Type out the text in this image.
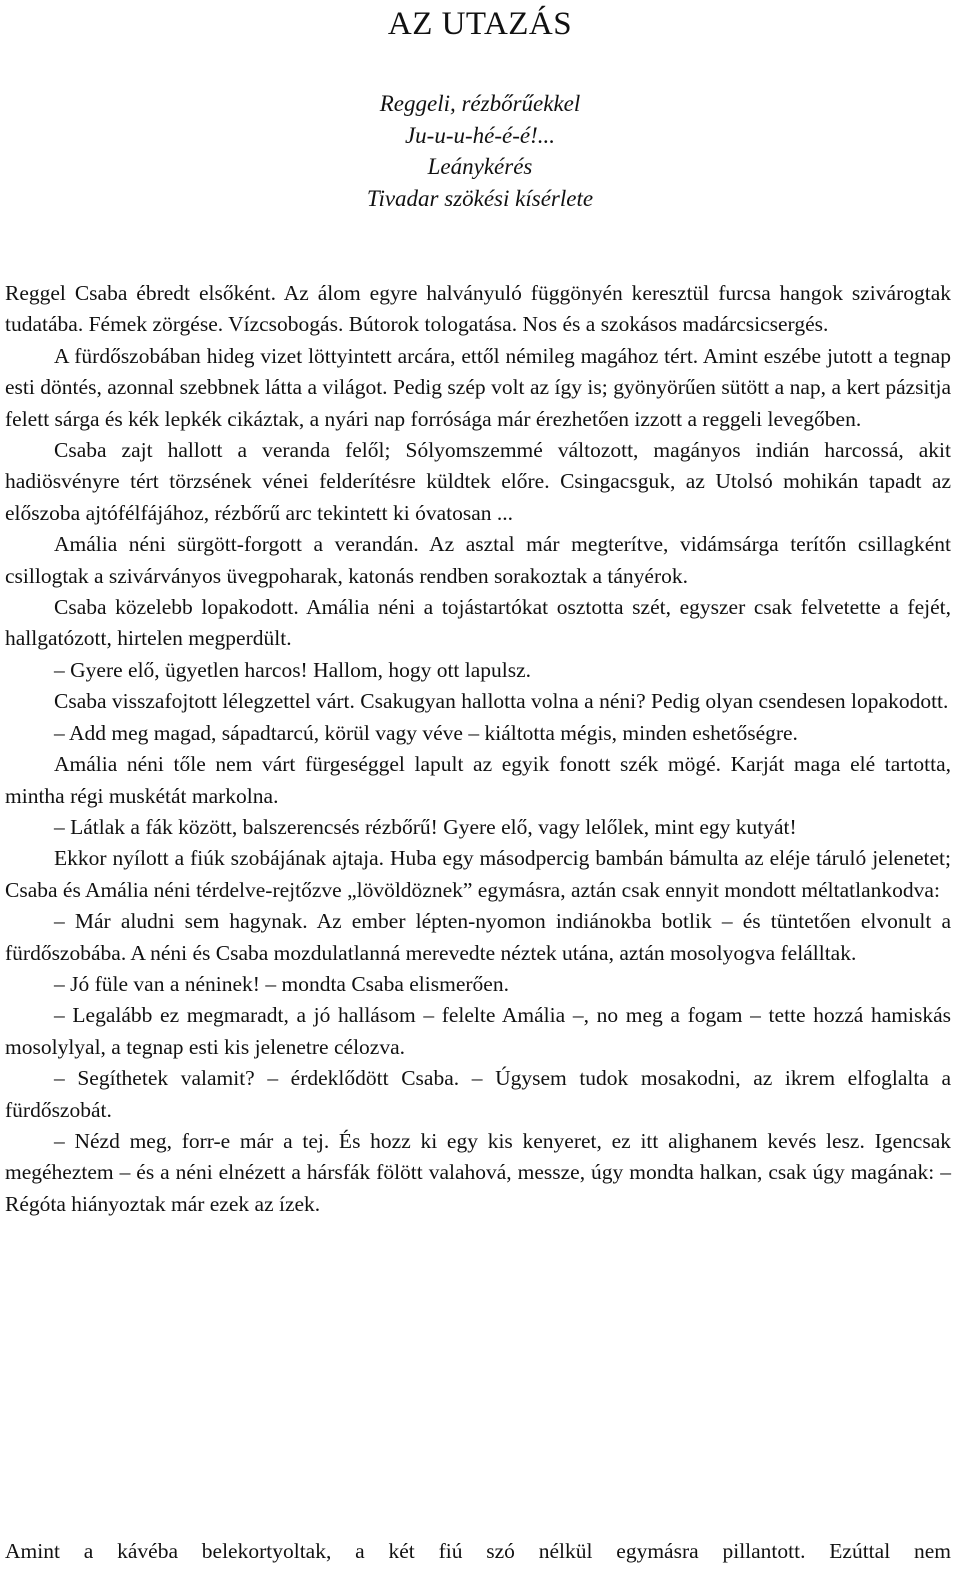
AZ UTAZÁS
Reggeli, rézbőrűekkel
Ju-u-u-hé-é-é!...
Leánykérés
Tivadar szökési kísérlete

Reggel Csaba ébredt elsőként. Az álom egyre halványuló függönyén keresztül furcsa hangok szivárogtak tudatába. Fémek zörgése. Vízcsobogás. Bútorok tologatása. Nos és a szokásos madárcsicsergés.

A fürdőszobában hideg vizet löttyintett arcára, ettől némileg magához tért. Amint eszébe jutott a tegnap esti döntés, azonnal szebbnek látta a világot. Pedig szép volt az így is; gyönyörűen sütött a nap, a kert pázsitja felett sárga és kék lepkék cikáztak, a nyári nap forrósága már érezhetően izzott a reggeli levegőben.

Csaba zajt hallott a veranda felől; Sólyomszemmé változott, magányos indián harcossá, akit hadiösvényre tért törzsének vénei felderítésre küldtek előre. Csingacsguk, az Utolsó mohikán tapadt az előszoba ajtófélfájához, rézbőrű arc tekintett ki óvatosan ...

Amália néni sürgött-forgott a verandán. Az asztal már megterítve, vidámsárga terítőn csillagként csillogtak a szivárványos üvegpoharak, katonás rendben sorakoztak a tányérok.

Csaba közelebb lopakodott. Amália néni a tojástartókat osztotta szét, egyszer csak felvetette a fejét, hallgatózott, hirtelen megperdült.

– Gyere elő, ügyetlen harcos! Hallom, hogy ott lapulsz.

Csaba visszafojtott lélegzettel várt. Csakugyan hallotta volna a néni? Pedig olyan csendesen lopakodott.

– Add meg magad, sápadtarcú, körül vagy véve – kiáltotta mégis, minden eshetőségre.

Amália néni tőle nem várt fürgeséggel lapult az egyik fonott szék mögé. Karját maga elé tartotta, mintha régi muskétát markolna.

– Látlak a fák között, balszerencsés rézbőrű! Gyere elő, vagy lelőlek, mint egy kutyát!

Ekkor nyílott a fiúk szobájának ajtaja. Huba egy másodpercig bambán bámulta az eléje táruló jelenetet; Csaba és Amália néni térdelve-rejtőzve „lövöldöznek” egymásra, aztán csak ennyit mondott méltatlankodva:

– Már aludni sem hagynak. Az ember lépten-nyomon indiánokba botlik – és tüntetően elvonult a fürdőszobába. A néni és Csaba mozdulatlanná merevedte néztek utána, aztán mosolyogva felálltak.

– Jó füle van a néninek! – mondta Csaba elismerően.

– Legalább ez megmaradt, a jó hallásom – felelte Amália –, no meg a fogam – tette hozzá hamiskás mosolylyal, a tegnap esti kis jelenetre célozva.

– Segíthetek valamit? – érdeklődött Csaba. – Úgysem tudok mosakodni, az ikrem elfoglalta a fürdőszobát.

– Nézd meg, forr-e már a tej. És hozz ki egy kis kenyeret, ez itt alighanem kevés lesz. Igencsak megéheztem – és a néni elnézett a hársfák fölött valahová, messze, úgy mondta halkan, csak úgy magának: – Régóta hiányoztak már ezek az ízek.

Amint a kávéba belekortyoltak, a két fiú szó nélkül egymásra pillantott. Ezúttal nem
